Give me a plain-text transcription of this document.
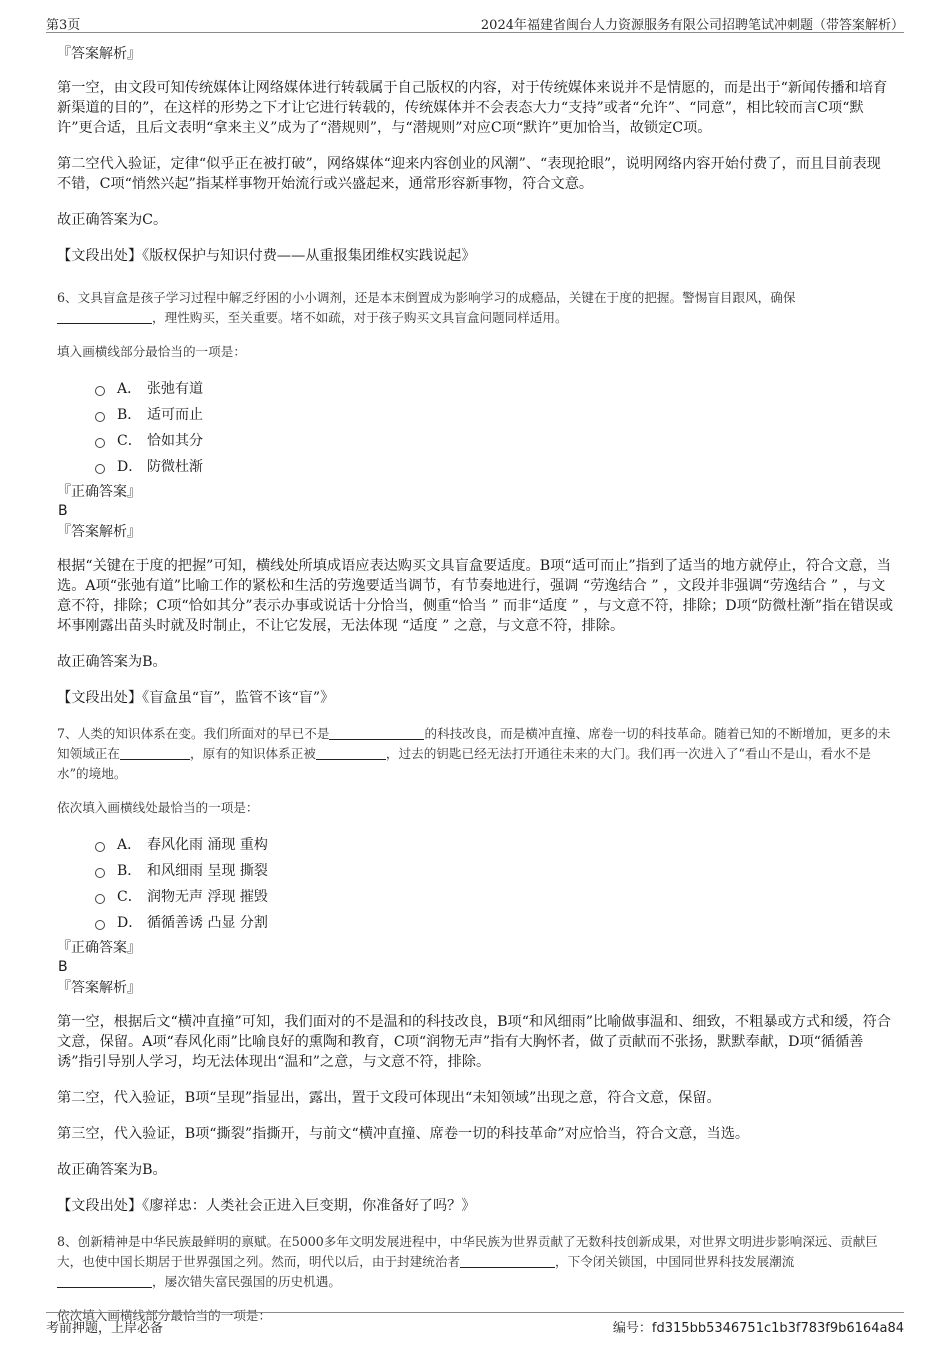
第3页	2024年福建省闽台人力资源服务有限公司招聘笔试冲刺题（带答案解析）
『答案解析』

第一空，由文段可知传统媒体让网络媒体进行转载属于自己版权的内容，对于传统媒体来说并不是情愿的，而是出于“新闻传播和培育新渠道的目的”，在这样的形势之下才让它进行转载的，传统媒体并不会表态大力“支持”或者“允许”、“同意”，相比较而言C项“默许”更合适，且后文表明“拿来主义”成为了“潜规则”，与“潜规则”对应C项“默许”更加恰当，故锁定C项。

第二空代入验证，定律“似乎正在被打破”，网络媒体“迎来内容创业的风潮”、“表现抢眼”，说明网络内容开始付费了，而且目前表现不错，C项“悄然兴起”指某样事物开始流行或兴盛起来，通常形容新事物，符合文意。

故正确答案为C。

【文段出处】《版权保护与知识付费——从重报集团维权实践说起》

6、文具盲盒是孩子学习过程中解乏纾困的小小调剂，还是本末倒置成为影响学习的成瘾品，关键在于度的把握。警惕盲目跟风，确保
，理性购买，至关重要。堵不如疏，对于孩子购买文具盲盒问题同样适用。

填入画横线部分最恰当的一项是：

A． 张弛有道
B． 适可而止
C． 恰如其分
D． 防微杜渐
『正确答案』
B
『答案解析』

根据“关键在于度的把握”可知，横线处所填成语应表达购买文具盲盒要适度。B项“适可而止”指到了适当的地方就停止，符合文意，当选。A项“张弛有道”比喻工作的紧松和生活的劳逸要适当调节，有节奏地进行，强调 “劳逸结合 ” ，文段并非强调“劳逸结合 ” ，与文意不符，排除；C项“恰如其分”表示办事或说话十分恰当，侧重“恰当 ” 而非“适度 ” ，与文意不符，排除；D项“防微杜渐”指在错误或坏事刚露出苗头时就及时制止，不让它发展，无法体现 “适度 ” 之意，与文意不符，排除。

故正确答案为B。

【文段出处】《盲盒虽“盲”，监管不该“盲”》

7、人类的知识体系在变。我们所面对的早已不是	的科技改良，而是横冲直撞、席卷一切的科技革命。随着已知的不断增加，更多的未知领域正在	，原有的知识体系正被	，过去的钥匙已经无法打开通往未来的大门。我们再一次进入了“看山不是山，看水不是水”的境地。

依次填入画横线处最恰当的一项是：

A． 春风化雨 涌现 重构
B． 和风细雨 呈现 撕裂
C． 润物无声 浮现 摧毁
D． 循循善诱 凸显 分割
『正确答案』
B
『答案解析』

第一空，根据后文“横冲直撞”可知，我们面对的不是温和的科技改良，B项“和风细雨”比喻做事温和、细致，不粗暴或方式和缓，符合文意，保留。A项“春风化雨”比喻良好的熏陶和教育，C项“润物无声”指有大胸怀者，做了贡献而不张扬，默默奉献，D项“循循善诱”指引导别人学习，均无法体现出“温和”之意，与文意不符，排除。

第二空，代入验证，B项“呈现”指显出，露出，置于文段可体现出“未知领域”出现之意，符合文意，保留。

第三空，代入验证，B项“撕裂”指撕开，与前文“横冲直撞、席卷一切的科技革命”对应恰当，符合文意，当选。

故正确答案为B。

【文段出处】《廖祥忠：人类社会正进入巨变期，你准备好了吗？》

8、创新精神是中华民族最鲜明的禀赋。在5000多年文明发展进程中，中华民族为世界贡献了无数科技创新成果，对世界文明进步影响深远、贡献巨大，也使中国长期居于世界强国之列。然而，明代以后，由于封建统治者	，下令闭关锁国，中国同世界科技发展潮流
，屡次错失富民强国的历史机遇。

依次填入画横线部分最恰当的一项是：

考前押题，上岸必备	编号：fd315bb5346751c1b3f783f9b6164a84
